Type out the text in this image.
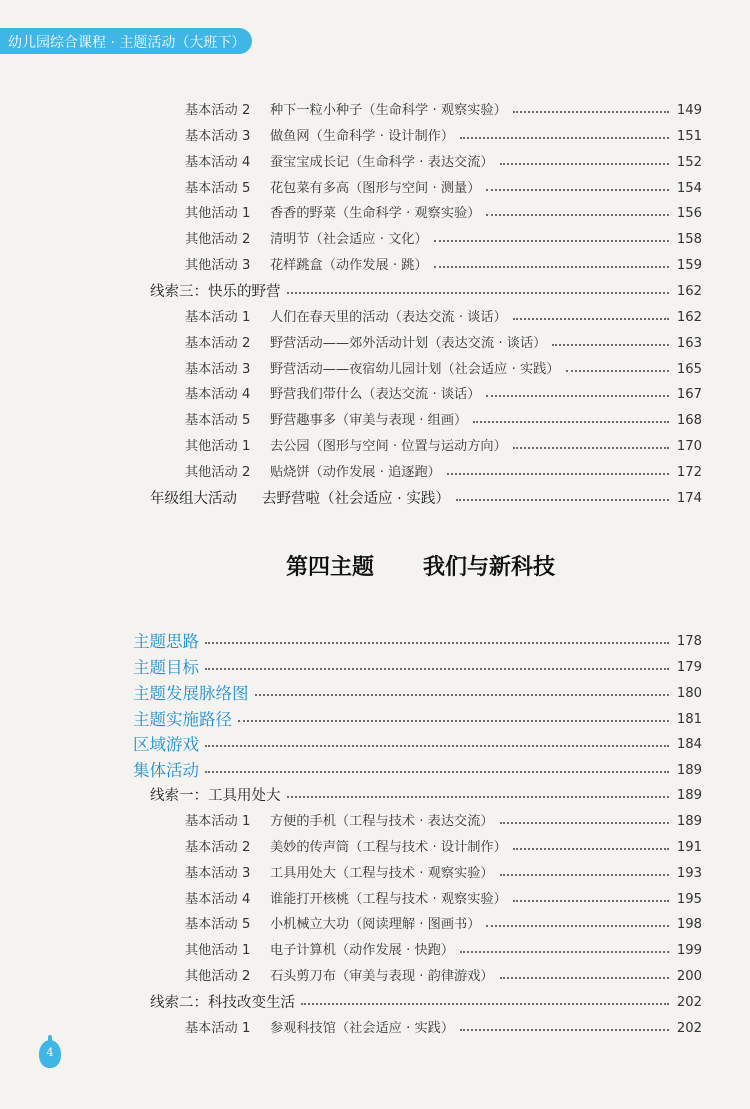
幼儿园综合课程 · 主题活动（大班下）
基本活动 2 种下一粒小种子（生命科学 · 观察实验）	149
基本活动 3 做鱼网（生命科学 · 设计制作）	151
基本活动 4 蚕宝宝成长记（生命科学 · 表达交流）	152
基本活动 5 花包菜有多高（图形与空间 · 测量）	154
其他活动 1 香香的野菜（生命科学 · 观察实验）	156
其他活动 2 清明节（社会适应 · 文化）	158
其他活动 3 花样跳盒（动作发展 · 跳）	159
线索三：快乐的野营	162
基本活动 1 人们在春天里的活动（表达交流 · 谈话）	162
基本活动 2 野营活动——郊外活动计划（表达交流 · 谈话）	163
基本活动 3 野营活动——夜宿幼儿园计划（社会适应 · 实践）	165
基本活动 4 野营我们带什么（表达交流 · 谈话）	167
基本活动 5 野营趣事多（审美与表现 · 组画）	168
其他活动 1 去公园（图形与空间 · 位置与运动方向）	170
其他活动 2 贴烧饼（动作发展 · 追逐跑）	172
年级组大活动 去野营啦（社会适应 · 实践）	174
第四主题 我们与新科技
主题思路	178
主题目标	179
主题发展脉络图	180
主题实施路径	181
区域游戏	184
集体活动	189
线索一：工具用处大	189
基本活动 1 方便的手机（工程与技术 · 表达交流）	189
基本活动 2 美妙的传声筒（工程与技术 · 设计制作）	191
基本活动 3 工具用处大（工程与技术 · 观察实验）	193
基本活动 4 谁能打开核桃（工程与技术 · 观察实验）	195
基本活动 5 小机械立大功（阅读理解 · 图画书）	198
其他活动 1 电子计算机（动作发展 · 快跑）	199
其他活动 2 石头剪刀布（审美与表现 · 韵律游戏）	200
线索二：科技改变生活	202
基本活动 1 参观科技馆（社会适应 · 实践）	202
4
